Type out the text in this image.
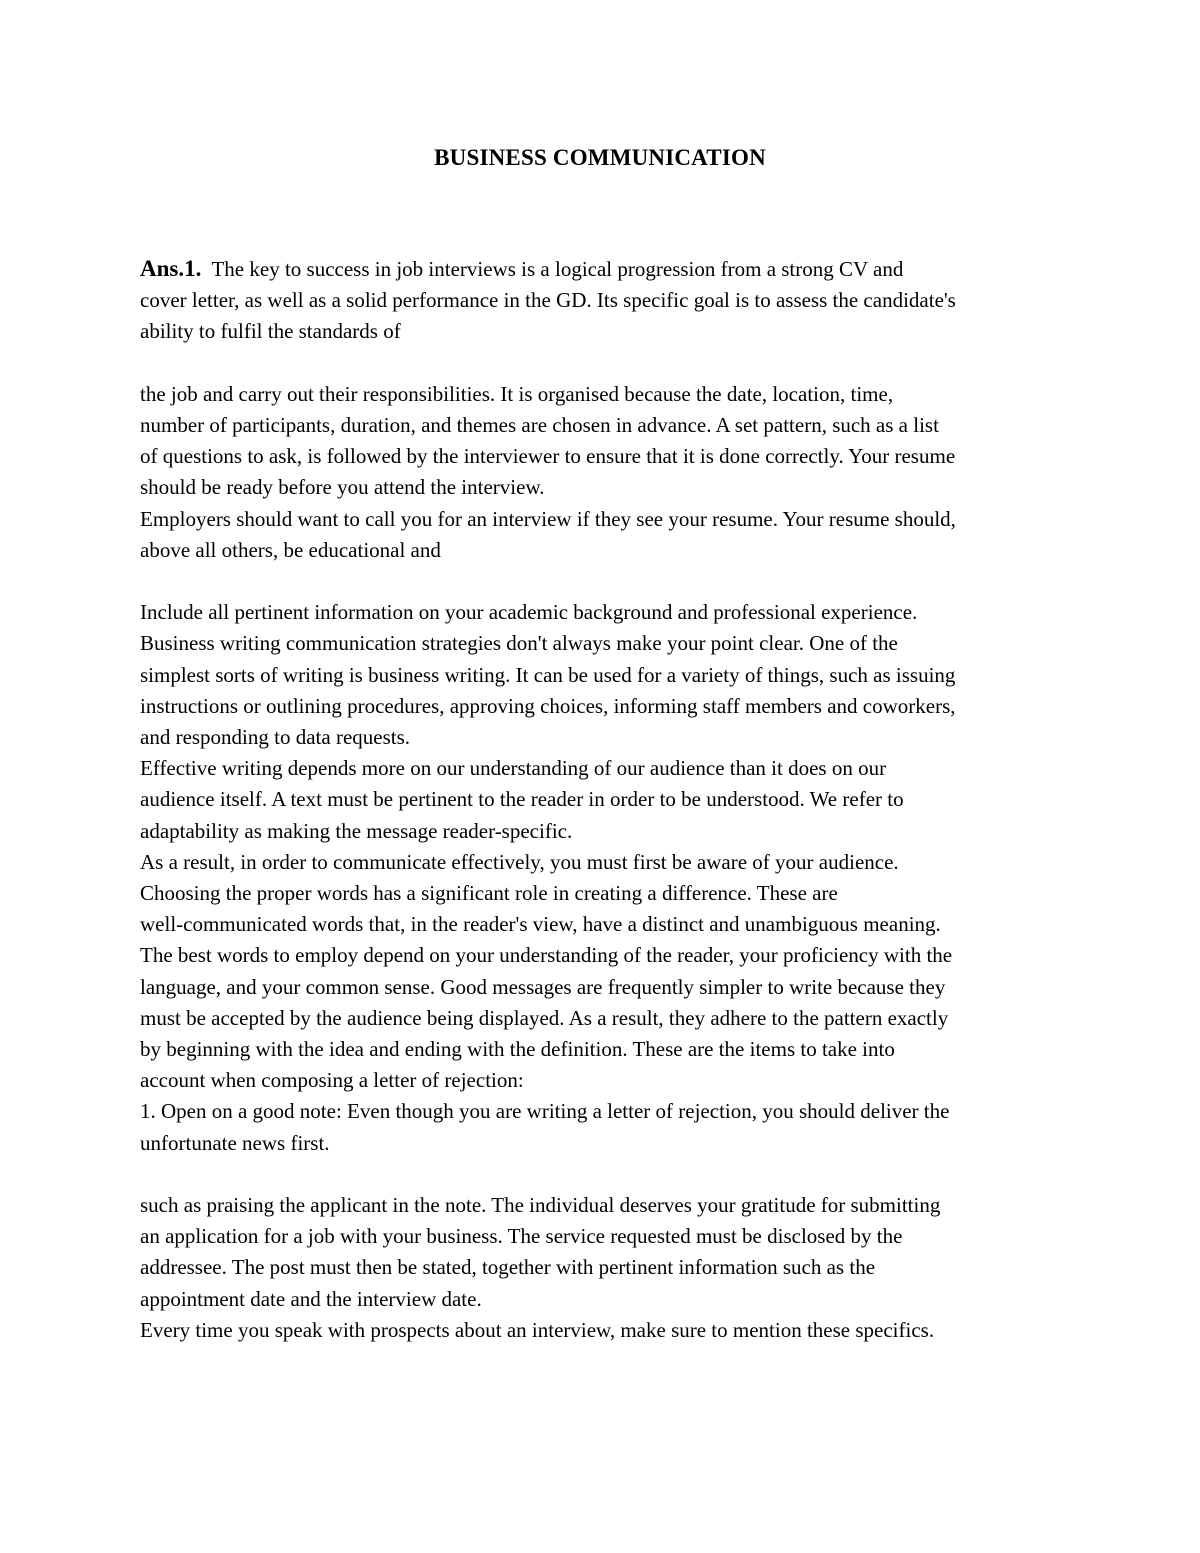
BUSINESS COMMUNICATION
Ans.1. The key to success in job interviews is a logical progression from a strong CV and
cover letter, as well as a solid performance in the GD. Its specific goal is to assess the candidate's
ability to fulfil the standards of
the job and carry out their responsibilities. It is organised because the date, location, time,
number of participants, duration, and themes are chosen in advance. A set pattern, such as a list
of questions to ask, is followed by the interviewer to ensure that it is done correctly. Your resume
should be ready before you attend the interview.
Employers should want to call you for an interview if they see your resume. Your resume should,
above all others, be educational and
Include all pertinent information on your academic background and professional experience.
Business writing communication strategies don't always make your point clear. One of the
simplest sorts of writing is business writing. It can be used for a variety of things, such as issuing
instructions or outlining procedures, approving choices, informing staff members and coworkers,
and responding to data requests.
Effective writing depends more on our understanding of our audience than it does on our
audience itself. A text must be pertinent to the reader in order to be understood. We refer to
adaptability as making the message reader-specific.
As a result, in order to communicate effectively, you must first be aware of your audience.
Choosing the proper words has a significant role in creating a difference. These are
well-communicated words that, in the reader's view, have a distinct and unambiguous meaning.
The best words to employ depend on your understanding of the reader, your proficiency with the
language, and your common sense. Good messages are frequently simpler to write because they
must be accepted by the audience being displayed. As a result, they adhere to the pattern exactly
by beginning with the idea and ending with the definition. These are the items to take into
account when composing a letter of rejection:
1. Open on a good note: Even though you are writing a letter of rejection, you should deliver the
unfortunate news first.
such as praising the applicant in the note. The individual deserves your gratitude for submitting
an application for a job with your business. The service requested must be disclosed by the
addressee. The post must then be stated, together with pertinent information such as the
appointment date and the interview date.
Every time you speak with prospects about an interview, make sure to mention these specifics.
